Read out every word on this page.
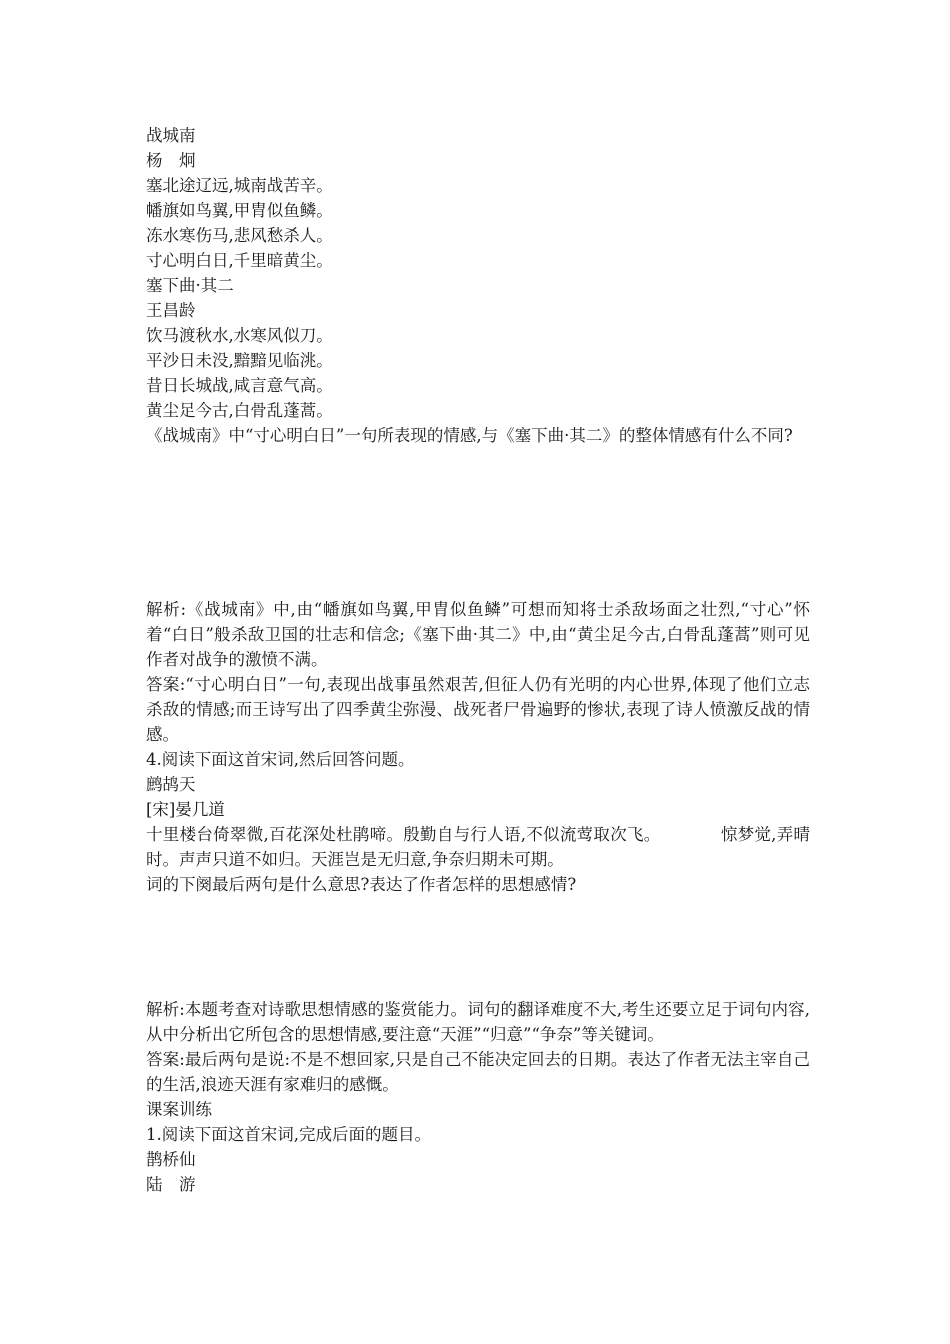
战城南
杨　炯
塞北途辽远,城南战苦辛。
幡旗如鸟翼,甲胄似鱼鳞。
冻水寒伤马,悲风愁杀人。
寸心明白日,千里暗黄尘。
塞下曲·其二
王昌龄
饮马渡秋水,水寒风似刀。
平沙日未没,黯黯见临洮。
昔日长城战,咸言意气高。
黄尘足今古,白骨乱蓬蒿。
《战城南》中“寸心明白日”一句所表现的情感,与《塞下曲·其二》的整体情感有什么不同?
解析:《战城南》中,由“幡旗如鸟翼,甲胄似鱼鳞”可想而知将士杀敌场面之壮烈,“寸心”怀着“白日”般杀敌卫国的壮志和信念;《塞下曲·其二》中,由“黄尘足今古,白骨乱蓬蒿”则可见作者对战争的激愤不满。
答案:“寸心明白日”一句,表现出战事虽然艰苦,但征人仍有光明的内心世界,体现了他们立志杀敌的情感;而王诗写出了四季黄尘弥漫、战死者尸骨遍野的惨状,表现了诗人愤激反战的情感。
4.阅读下面这首宋词,然后回答问题。
鹧鸪天
[宋]晏几道
十里楼台倚翠微,百花深处杜鹃啼。殷勤自与行人语,不似流莺取次飞。	惊梦觉,弄晴时。声声只道不如归。天涯岂是无归意,争奈归期未可期。
词的下阕最后两句是什么意思?表达了作者怎样的思想感情?
解析:本题考查对诗歌思想情感的鉴赏能力。词句的翻译难度不大,考生还要立足于词句内容,从中分析出它所包含的思想情感,要注意“天涯”“归意”“争奈”等关键词。
答案:最后两句是说:不是不想回家,只是自己不能决定回去的日期。表达了作者无法主宰自己的生活,浪迹天涯有家难归的感慨。
课案训练
1.阅读下面这首宋词,完成后面的题目。
鹊桥仙
陆　游
